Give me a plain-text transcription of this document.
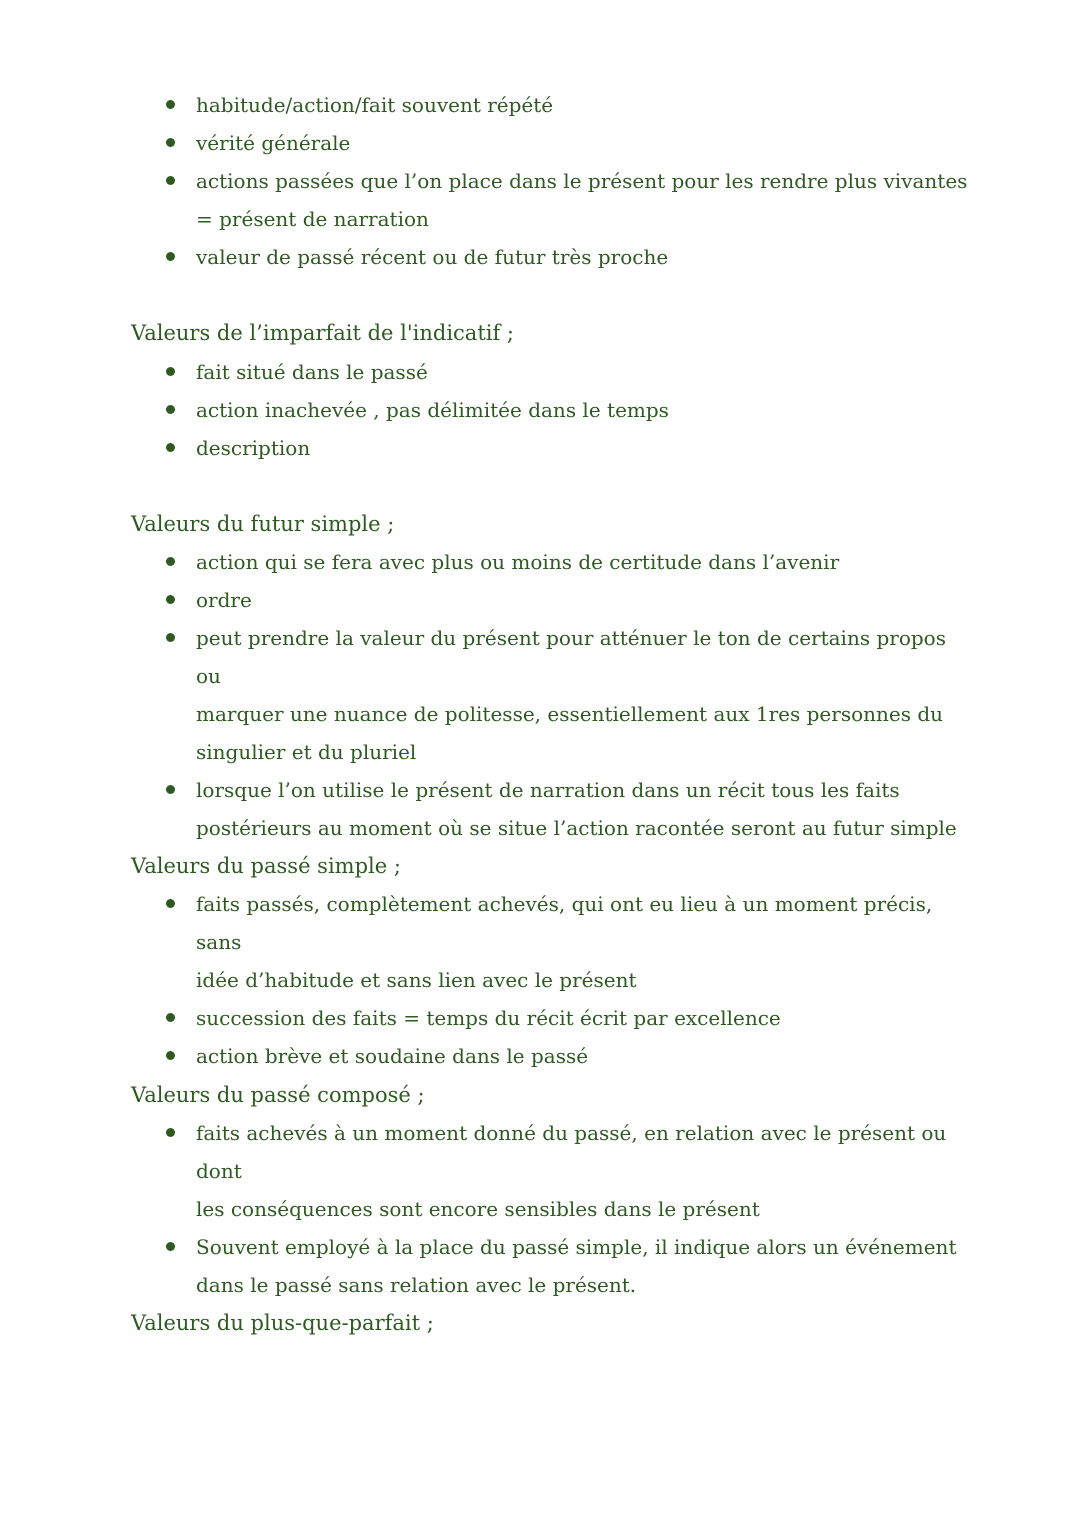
habitude/action/fait souvent répété
vérité générale
actions passées que l’on place dans le présent pour les rendre plus vivantes
= présent de narration
valeur de passé récent ou de futur très proche
Valeurs de l’imparfait de l'indicatif ;
fait situé dans le passé
action inachevée , pas délimitée dans le temps
description
Valeurs du futur simple ;
action qui se fera avec plus ou moins de certitude dans l’avenir
ordre
peut prendre la valeur du présent pour atténuer le ton de certains propos ou
marquer une nuance de politesse, essentiellement aux 1res personnes du
singulier et du pluriel
lorsque l’on utilise le présent de narration dans un récit tous les faits
postérieurs au moment où se situe l’action racontée seront au futur simple
Valeurs du passé simple ;
faits passés, complètement achevés, qui ont eu lieu à un moment précis, sans
idée d’habitude et sans lien avec le présent
succession des faits = temps du récit écrit par excellence
action brève et soudaine dans le passé
Valeurs du passé composé ;
faits achevés à un moment donné du passé, en relation avec le présent ou dont
les conséquences sont encore sensibles dans le présent
Souvent employé à la place du passé simple, il indique alors un événement
dans le passé sans relation avec le présent.
Valeurs du plus-que-parfait ;
